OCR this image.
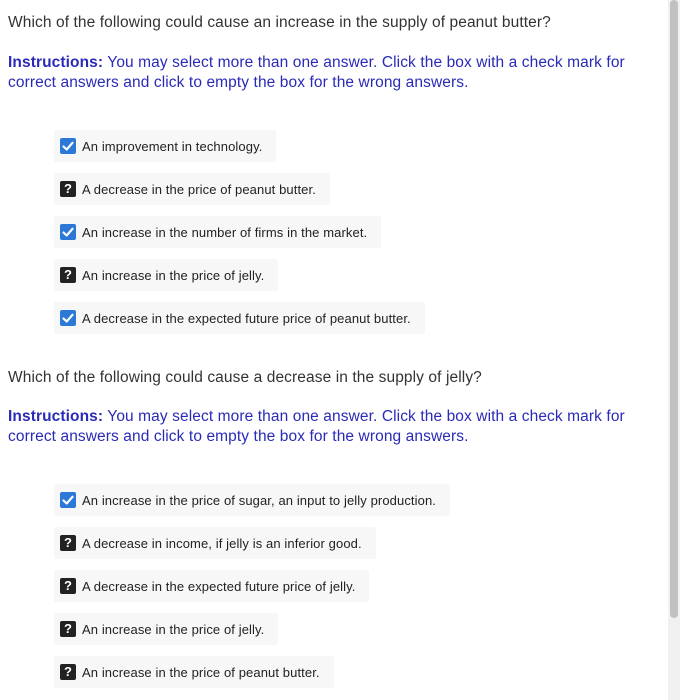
Which of the following could cause an increase in the supply of peanut butter?
Instructions: You may select more than one answer. Click the box with a check mark for correct answers and click to empty the box for the wrong answers.
An improvement in technology.
? A decrease in the price of peanut butter.
An increase in the number of firms in the market.
? An increase in the price of jelly.
A decrease in the expected future price of peanut butter.
Which of the following could cause a decrease in the supply of jelly?
Instructions: You may select more than one answer. Click the box with a check mark for correct answers and click to empty the box for the wrong answers.
An increase in the price of sugar, an input to jelly production.
? A decrease in income, if jelly is an inferior good.
? A decrease in the expected future price of jelly.
? An increase in the price of jelly.
? An increase in the price of peanut butter.
